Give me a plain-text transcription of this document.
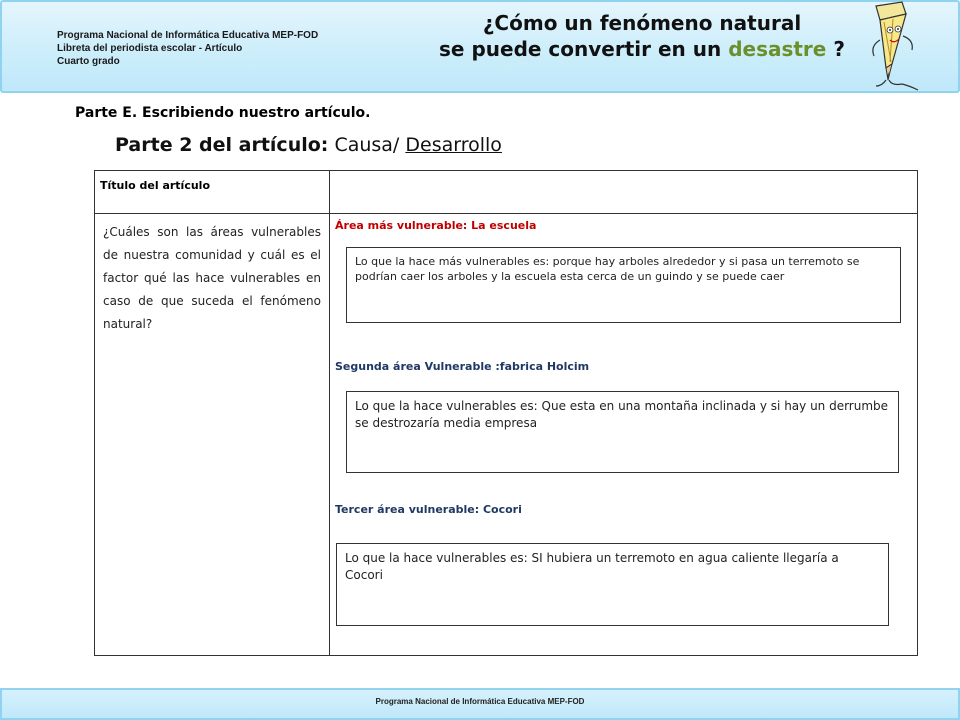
Programa Nacional de Informática Educativa MEP-FOD
Libreta del periodista escolar - Artículo
Cuarto grado
¿Cómo un fenómeno natural
se puede convertir en un desastre ?
Parte E. Escribiendo nuestro artículo.
Parte 2 del artículo: Causa/ Desarrollo
Título del artículo
¿Cuáles son las áreas vulnerables de nuestra comunidad y cuál es el factor qué las hace vulnerables en caso de que suceda el fenómeno natural?
Área más vulnerable: La escuela
Lo que la hace más vulnerables es: porque hay arboles alrededor y si pasa un terremoto se podrían caer los arboles y la escuela esta cerca de un guindo y se puede caer
Segunda área Vulnerable :fabrica Holcim
Lo que la hace vulnerables es: Que esta en una montaña inclinada y si hay un derrumbe se destrozaría media empresa
Tercer área vulnerable: Cocori
Lo que la hace vulnerables es: SI hubiera un terremoto en agua caliente llegaría a Cocori
Programa Nacional de Informática Educativa MEP-FOD
